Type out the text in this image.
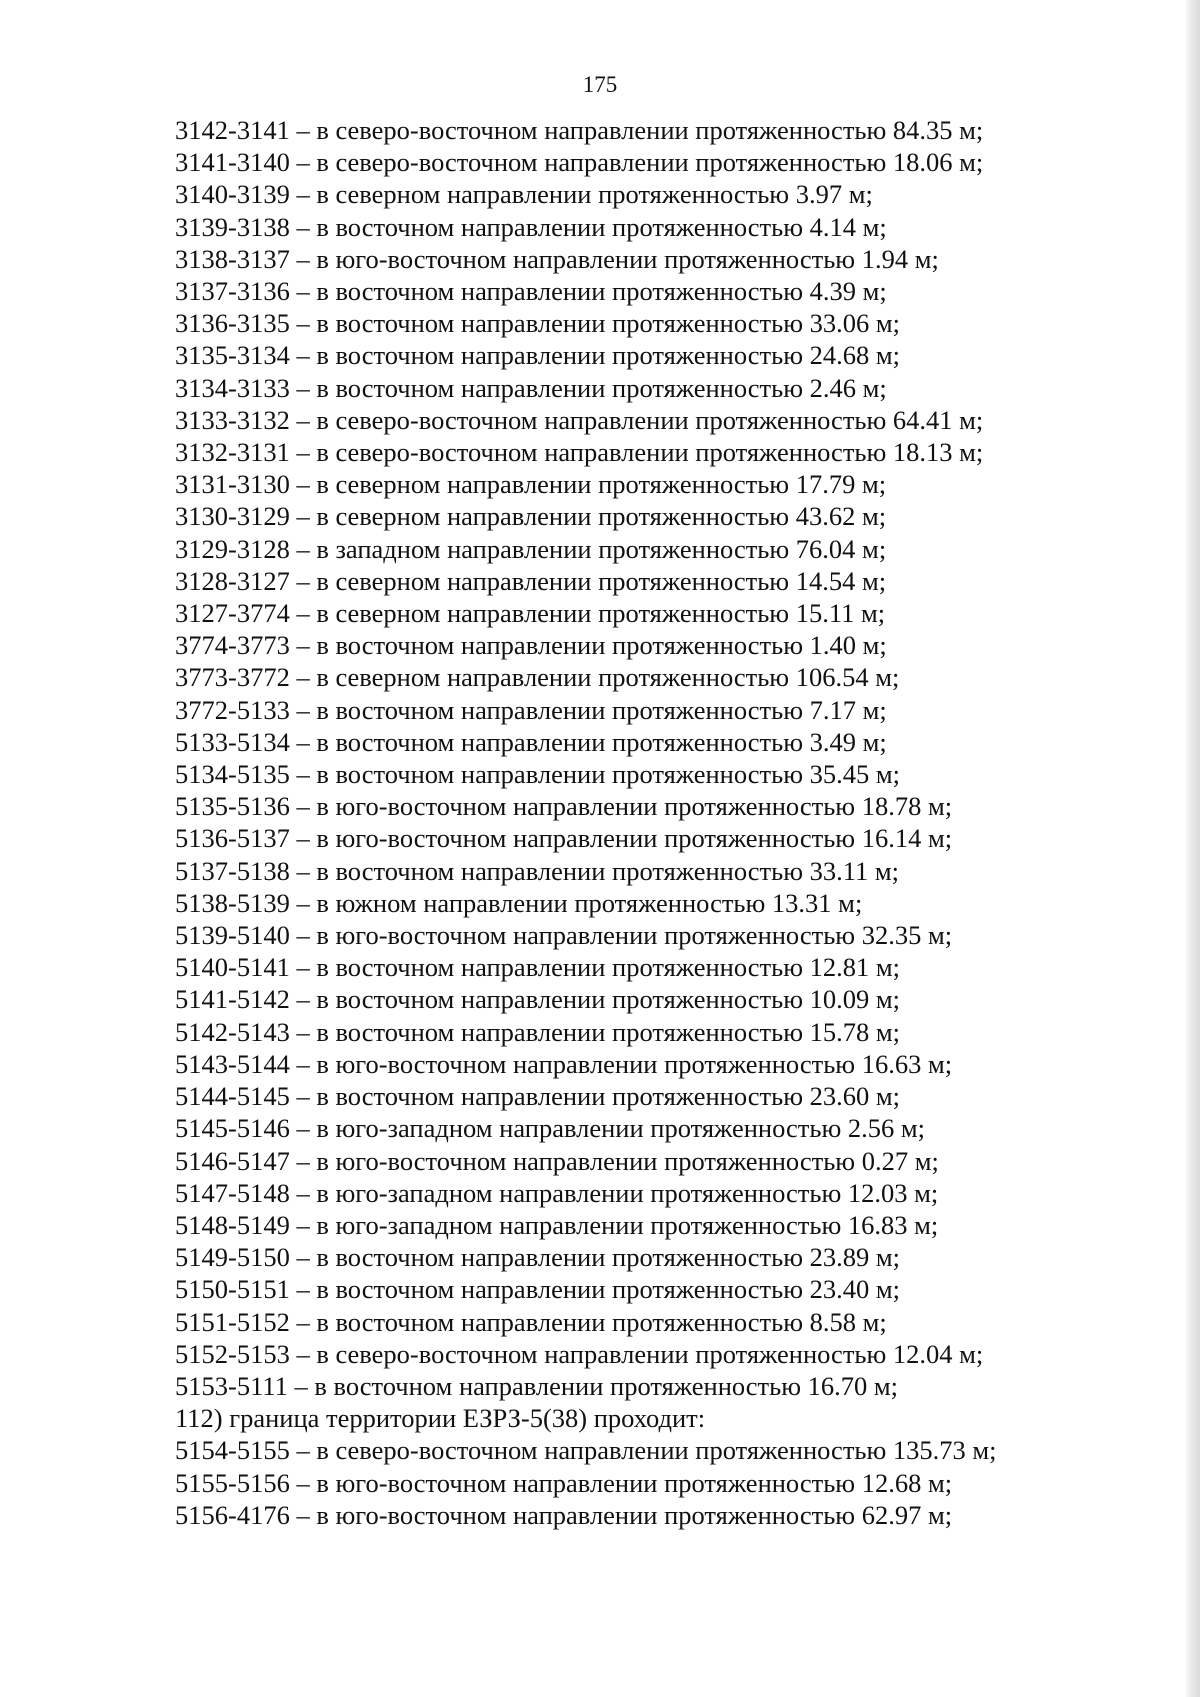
175
3142-3141 – в северо-восточном направлении протяженностью 84.35 м;
3141-3140 – в северо-восточном направлении протяженностью 18.06 м;
3140-3139 – в северном направлении протяженностью 3.97 м;
3139-3138 – в восточном направлении протяженностью 4.14 м;
3138-3137 – в юго-восточном направлении протяженностью 1.94 м;
3137-3136 – в восточном направлении протяженностью 4.39 м;
3136-3135 – в восточном направлении протяженностью 33.06 м;
3135-3134 – в восточном направлении протяженностью 24.68 м;
3134-3133 – в восточном направлении протяженностью 2.46 м;
3133-3132 – в северо-восточном направлении протяженностью 64.41 м;
3132-3131 – в северо-восточном направлении протяженностью 18.13 м;
3131-3130 – в северном направлении протяженностью 17.79 м;
3130-3129 – в северном направлении протяженностью 43.62 м;
3129-3128 – в западном направлении протяженностью 76.04 м;
3128-3127 – в северном направлении протяженностью 14.54 м;
3127-3774 – в северном направлении протяженностью 15.11 м;
3774-3773 – в восточном направлении протяженностью 1.40 м;
3773-3772 – в северном направлении протяженностью 106.54 м;
3772-5133 – в восточном направлении протяженностью 7.17 м;
5133-5134 – в восточном направлении протяженностью 3.49 м;
5134-5135 – в восточном направлении протяженностью 35.45 м;
5135-5136 – в юго-восточном направлении протяженностью 18.78 м;
5136-5137 – в юго-восточном направлении протяженностью 16.14 м;
5137-5138 – в восточном направлении протяженностью 33.11 м;
5138-5139 – в южном направлении протяженностью 13.31 м;
5139-5140 – в юго-восточном направлении протяженностью 32.35 м;
5140-5141 – в восточном направлении протяженностью 12.81 м;
5141-5142 – в восточном направлении протяженностью 10.09 м;
5142-5143 – в восточном направлении протяженностью 15.78 м;
5143-5144 – в юго-восточном направлении протяженностью 16.63 м;
5144-5145 – в восточном направлении протяженностью 23.60 м;
5145-5146 – в юго-западном направлении протяженностью 2.56 м;
5146-5147 – в юго-восточном направлении протяженностью 0.27 м;
5147-5148 – в юго-западном направлении протяженностью 12.03 м;
5148-5149 – в юго-западном направлении протяженностью 16.83 м;
5149-5150 – в восточном направлении протяженностью 23.89 м;
5150-5151 – в восточном направлении протяженностью 23.40 м;
5151-5152 – в восточном направлении протяженностью 8.58 м;
5152-5153 – в северо-восточном направлении протяженностью 12.04 м;
5153-5111 – в восточном направлении протяженностью 16.70 м;
112) граница территории ЕЗРЗ-5(38) проходит:
5154-5155 – в северо-восточном направлении протяженностью 135.73 м;
5155-5156 – в юго-восточном направлении протяженностью 12.68 м;
5156-4176 – в юго-восточном направлении протяженностью 62.97 м;
